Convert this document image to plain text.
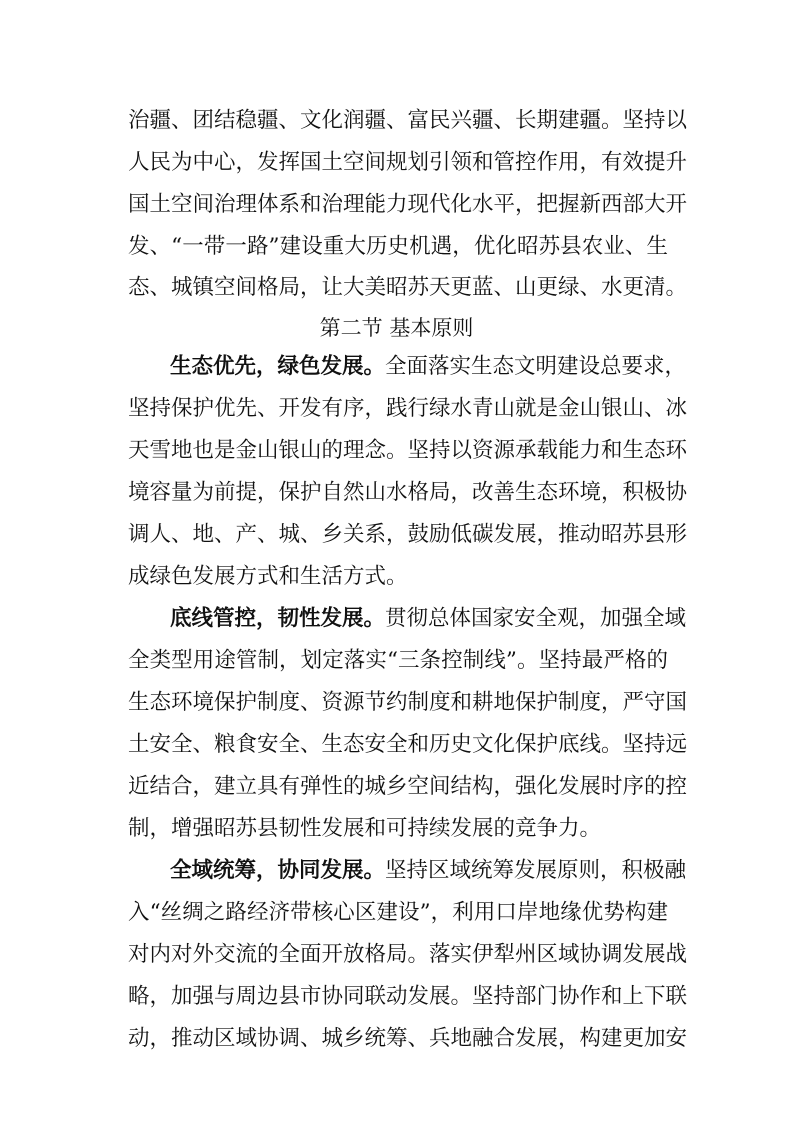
治疆、团结稳疆、文化润疆、富民兴疆、长期建疆。坚持以
人民为中心，发挥国土空间规划引领和管控作用，有效提升
国土空间治理体系和治理能力现代化水平，把握新西部大开
发、“一带一路”建设重大历史机遇，优化昭苏县农业、生
态、城镇空间格局，让大美昭苏天更蓝、山更绿、水更清。
第二节 基本原则
生态优先，绿色发展。全面落实生态文明建设总要求，
坚持保护优先、开发有序，践行绿水青山就是金山银山、冰
天雪地也是金山银山的理念。坚持以资源承载能力和生态环
境容量为前提，保护自然山水格局，改善生态环境，积极协
调人、地、产、城、乡关系，鼓励低碳发展，推动昭苏县形
成绿色发展方式和生活方式。
底线管控，韧性发展。贯彻总体国家安全观，加强全域
全类型用途管制，划定落实“三条控制线”。坚持最严格的
生态环境保护制度、资源节约制度和耕地保护制度，严守国
土安全、粮食安全、生态安全和历史文化保护底线。坚持远
近结合，建立具有弹性的城乡空间结构，强化发展时序的控
制，增强昭苏县韧性发展和可持续发展的竞争力。
全域统筹，协同发展。坚持区域统筹发展原则，积极融
入“丝绸之路经济带核心区建设”，利用口岸地缘优势构建
对内对外交流的全面开放格局。落实伊犁州区域协调发展战
略，加强与周边县市协同联动发展。坚持部门协作和上下联
动，推动区域协调、城乡统筹、兵地融合发展，构建更加安
